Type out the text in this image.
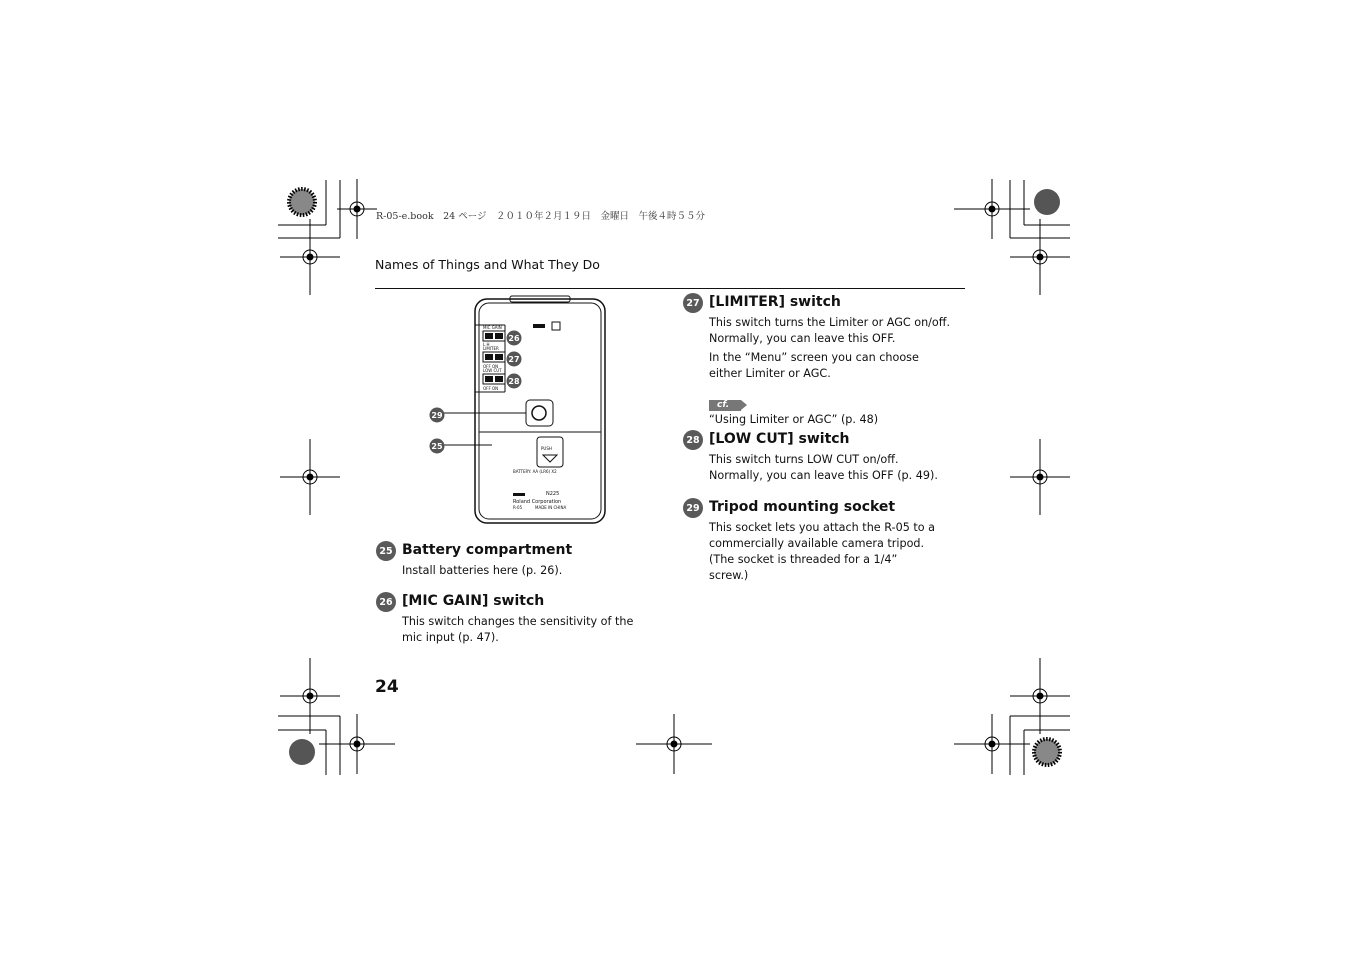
R-05-e.book　24 ページ　２０１０年２月１９日　金曜日　午後４時５５分
Names of Things and What They Do
MIC GAIN
L H
LIMITER
OFF ON
LOW CUT
OFF ON
PUSH
BATTERY: AA (LR6) X2
Roland Corporation
R-05	MADE IN CHINA
N225
26
27
28
29
25
25 Battery compartment

Install batteries here (p. 26).

26 [MIC GAIN] switch

This switch changes the sensitivity of the mic input (p. 47).

27 [LIMITER] switch

This switch turns the Limiter or AGC on/off.

Normally, you can leave this OFF.

In the “Menu” screen you can choose either Limiter or AGC.

cf.
“Using Limiter or AGC” (p. 48)
28 [LOW CUT] switch

This switch turns LOW CUT on/off.

Normally, you can leave this OFF (p. 49).

29 Tripod mounting socket

This socket lets you attach the R-05 to a commercially available camera tripod.

(The socket is threaded for a 1/4” screw.)

24
